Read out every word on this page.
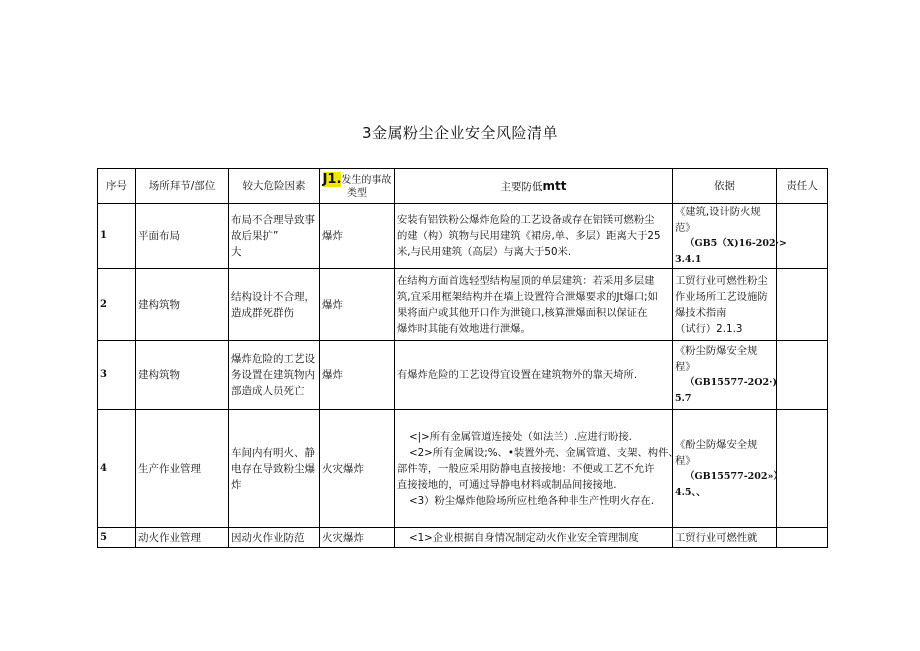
3金属粉尘企业安全风险清单
序号	场所拜节/部位	较大危险因素	J1.发生的事故类型	主要防低mtt	依据	责任人
1	平面布局	布局不合理导致事
故后果扩”
大	爆炸	安装有铝铁粉公爆炸危险的工艺设备或存在铝镁可燃粉尘
的建（构）筑物与民用建筑《裙房,单、多层）距离大于25
米,与民用建筑（高层）与离大于50米.	《建筑,设计防火规
范》
（GB5（X)16-202·>
3.4.1	

2	建构筑物	结构设计不合理，
造成群死群伤	爆炸	在结构方面首选轻型结构屋顶的单层建筑：若采用多层建
筑,宜采用框架结构并在墙上设置符合泄爆要求的Jt爆口;如
果将面户或其他开口作为泄镜口,核算泄爆面积以保证在
爆炸时其能有效地进行泄爆。	工贸行业可燃性粉尘
作业场所工艺设施防
爆技术指南
（试行）2.1.3	

3	建构筑物	爆炸危险的工艺设
务设置在建筑物内
部造成人员死亡	爆炸	有爆炸危险的工艺设得宜设置在建筑物外的靠天埼所.	《粉尘防爆安全规
程》
（GB15577-2O2·)
5.7	

4	生产作业管理	车间内有明火、静
电存在导致粉尘爆
炸	火灾爆炸	<|>所有金属管道连接处（如法兰）.应进行盼接.
<2>所有金属设;%、•装置外壳、金属管道、支架、构件、
部件等，一般应采用防静电直接接地：不便或工艺不允许
直接接地的，可通过导静电材料或制品间接接地.
<3）粉尘爆炸他险场所应杜绝各种非生产性明火存在.	《酚尘防爆安全规
程》
（GB15577-202»）
4.5、、	

5	动火作业管理	因动火作业防范	火灾爆炸	<1>企业根据自身情况制定动火作业安全管理制度	工贸行业可燃性就	
